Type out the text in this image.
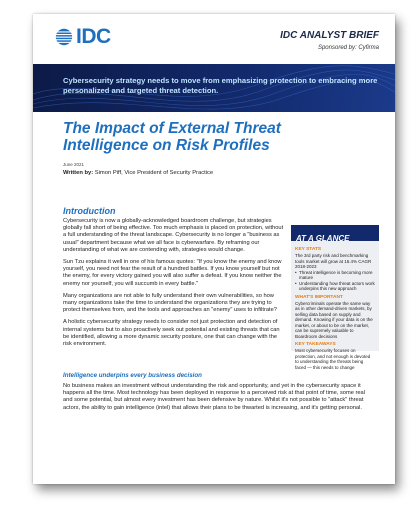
IDC	IDC ANALYST BRIEF
Sponsored by: Cyfirma
Cybersecurity strategy needs to move from emphasizing protection to embracing more personalized and targeted threat detection.
The Impact of External Threat Intelligence on Risk Profiles
June 2021
Written by: Simon Piff, Vice President of Security Practice
Introduction

Cybersecurity is now a globally-acknowledged boardroom challenge, but strategies globally fall short of being effective. Too much emphasis is placed on protection, without a full understanding of the threat landscape. Cybersecurity is no longer a "business as usual" department because what we all face is cyberwarfare. By reframing our understanding of what we are contending with, strategies would change.

Sun Tzu explains it well in one of his famous quotes: "If you know the enemy and know yourself, you need not fear the result of a hundred battles. If you know yourself but not the enemy, for every victory gained you will also suffer a defeat. If you know neither the enemy nor yourself, you will succumb in every battle."

Many organizations are not able to fully understand their own vulnerabilities, so how many organizations take the time to understand the organizations they are trying to protect themselves from, and the tools and approaches an "enemy" uses to infiltrate?

A holistic cybersecurity strategy needs to consider not just protection and detection of internal systems but to also proactively seek out potential and existing threats that can be identified, allowing a more dynamic security posture, one that can change with the risk environment.

AT A GLANCE
KEY STATS
The 3rd party risk and benchmarking tools market will grow at 15.4% CAGR 2018-2023
• Threat intelligence is becoming more mature
• Understanding how threat actors work underpins this new approach
WHAT'S IMPORTANT
Cybercriminals operate the same way as in other demand-driven markets, by selling data based on supply and demand. Knowing if your data is on the market, or about to be on the market, can be supremely valuable to Boardroom decisions
KEY TAKEAWAYS
Most cybersecurity focuses on protection, and not enough is devoted to understanding the threats being faced — this needs to change
Intelligence underpins every business decision

No business makes an investment without understanding the risk and opportunity, and yet in the cybersecurity space it happens all the time. Most technology has been deployed in response to a perceived risk at that point of time, some real and some potential, but almost every investment has been defensive by nature. Whilst it's not possible to "attack" threat actors, the ability to gain intelligence (intel) that allows their plans to be thwarted is increasing, and it's getting personal.
